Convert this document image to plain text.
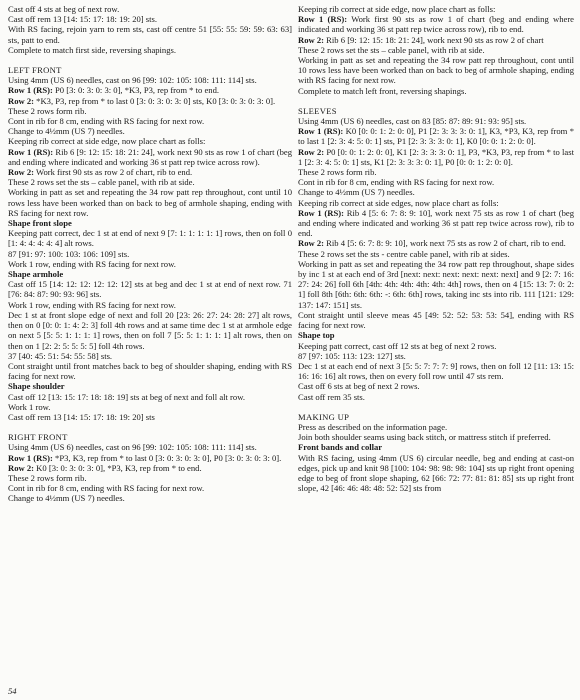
Cast off 4 sts at beg of next row.

Cast off rem 13 [14: 15: 17: 18: 19: 20] sts.

With RS facing, rejoin yarn to rem sts, cast off centre 51 [55: 55: 59: 59: 63: 63] sts, patt to end.

Complete to match first side, reversing shapings.

LEFT FRONT

Using 4mm (US 6) needles, cast on 96 [99: 102: 105: 108: 111: 114] sts.

Row 1 (RS): P0 [3: 0: 3: 0: 3: 0], *K3, P3, rep from * to end.

Row 2: *K3, P3, rep from * to last 0 [3: 0: 3: 0: 3: 0] sts, K0 [3: 0: 3: 0: 3: 0].

These 2 rows form rib.

Cont in rib for 8 cm, ending with RS facing for next row.

Change to 4½mm (US 7) needles.

Keeping rib correct at side edge, now place chart as folls:

Row 1 (RS): Rib 6 [9: 12: 15: 18: 21: 24], work next 90 sts as row 1 of chart (beg and ending where indicated and working 36 st patt rep twice across row).

Row 2: Work first 90 sts as row 2 of chart, rib to end.

These 2 rows set the sts – cable panel, with rib at side.

Working in patt as set and repeating the 34 row patt rep throughout, cont until 10 rows less have been worked than on back to beg of armhole shaping, ending with RS facing for next row.

Shape front slope

Keeping patt correct, dec 1 st at end of next 9 [7: 1: 1: 1: 1: 1] rows, then on foll 0 [1: 4: 4: 4: 4: 4] alt rows.

87 [91: 97: 100: 103: 106: 109] sts.

Work 1 row, ending with RS facing for next row.

Shape armhole

Cast off 15 [14: 12: 12: 12: 12: 12] sts at beg and dec 1 st at end of next row. 71 [76: 84: 87: 90: 93: 96] sts.

Work 1 row, ending with RS facing for next row.

Dec 1 st at front slope edge of next and foll 20 [23: 26: 27: 24: 28: 27] alt rows, then on 0 [0: 0: 1: 4: 2: 3] foll 4th rows and at same time dec 1 st at armhole edge on next 5 [5: 5: 1: 1: 1: 1] rows, then on foll 7 [5: 5: 1: 1: 1: 1] alt rows, then on then on 1 [2: 2: 5: 5: 5: 5] foll 4th rows.

37 [40: 45: 51: 54: 55: 58] sts.

Cont straight until front matches back to beg of shoulder shaping, ending with RS facing for next row.

Shape shoulder

Cast off 12 [13: 15: 17: 18: 18: 19] sts at beg of next and foll alt row.

Work 1 row.

Cast off rem 13 [14: 15: 17: 18: 19: 20] sts

RIGHT FRONT

Using 4mm (US 6) needles, cast on 96 [99: 102: 105: 108: 111: 114] sts.

Row 1 (RS): *P3, K3, rep from * to last 0 [3: 0: 3: 0: 3: 0], P0 [3: 0: 3: 0: 3: 0].

Row 2: K0 [3: 0: 3: 0: 3: 0], *P3, K3, rep from * to end.

These 2 rows form rib.

Cont in rib for 8 cm, ending with RS facing for next row.

Change to 4½mm (US 7) needles.

Keeping rib correct at side edge, now place chart as folls:

Row 1 (RS): Work first 90 sts as row 1 of chart (beg and ending where indicated and working 36 st patt rep twice across row), rib to end.

Row 2: Rib 6 [9: 12: 15: 18: 21: 24], work next 90 sts as row 2 of chart

These 2 rows set the sts – cable panel, with rib at side.

Working in patt as set and repeating the 34 row patt rep throughout, cont until 10 rows less have been worked than on back to beg of armhole shaping, ending with RS facing for next row.

Complete to match left front, reversing shapings.

SLEEVES

Using 4mm (US 6) needles, cast on 83 [85: 87: 89: 91: 93: 95] sts.

Row 1 (RS): K0 [0: 0: 1: 2: 0: 0], P1 [2: 3: 3: 3: 0: 1], K3, *P3, K3, rep from * to last 1 [2: 3: 4: 5: 0: 1] sts, P1 [2: 3: 3: 3: 0: 1], K0 [0: 0: 1: 2: 0: 0].

Row 2: P0 [0: 0: 1: 2: 0: 0], K1 [2: 3: 3: 3: 0: 1], P3, *K3, P3, rep from * to last 1 [2: 3: 4: 5: 0: 1] sts, K1 [2: 3: 3: 3: 0: 1], P0 [0: 0: 1: 2: 0: 0].

These 2 rows form rib.

Cont in rib for 8 cm, ending with RS facing for next row.

Change to 4½mm (US 7) needles.

Keeping rib correct at side edges, now place chart as folls:

Row 1 (RS): Rib 4 [5: 6: 7: 8: 9: 10], work next 75 sts as row 1 of chart (beg and ending where indicated and working 36 st patt rep twice across row), rib to end.

Row 2: Rib 4 [5: 6: 7: 8: 9: 10], work next 75 sts as row 2 of chart, rib to end.

These 2 rows set the sts - centre cable panel, with rib at sides.

Working in patt as set and repeating the 34 row patt rep throughout, shape sides by inc 1 st at each end of 3rd [next: next: next: next: next: next] and 9 [2: 7: 16: 27: 24: 26] foll 6th [4th: 4th: 4th: 4th: 4th: 4th] rows, then on 4 [15: 13: 7: 0: 2: 1] foll 8th [6th: 6th: 6th: -: 6th: 6th] rows, taking inc sts into rib. 111 [121: 129: 137: 147: 151] sts.

Cont straight until sleeve meas 45 [49: 52: 52: 53: 53: 54], ending with RS facing for next row.

Shape top

Keeping patt correct, cast off 12 sts at beg of next 2 rows.

87 [97: 105: 113: 123: 127] sts.

Dec 1 st at each end of next 3 [5: 5: 7: 7: 7: 9] rows, then on foll 12 [11: 13: 15: 16: 16: 16] alt rows, then on every foll row until 47 sts rem.

Cast off 6 sts at beg of next 2 rows.

Cast off rem 35 sts.

MAKING UP

Press as described on the information page.

Join both shoulder seams using back stitch, or mattress stitch if preferred.

Front bands and collar

With RS facing, using 4mm (US 6) circular needle, beg and ending at cast-on edges, pick up and knit 98 [100: 104: 98: 98: 98: 104] sts up right front opening edge to beg of front slope shaping, 62 [66: 72: 77: 81: 81: 85] sts up right front slope, 42 [46: 46: 48: 48: 52: 52] sts from

54
